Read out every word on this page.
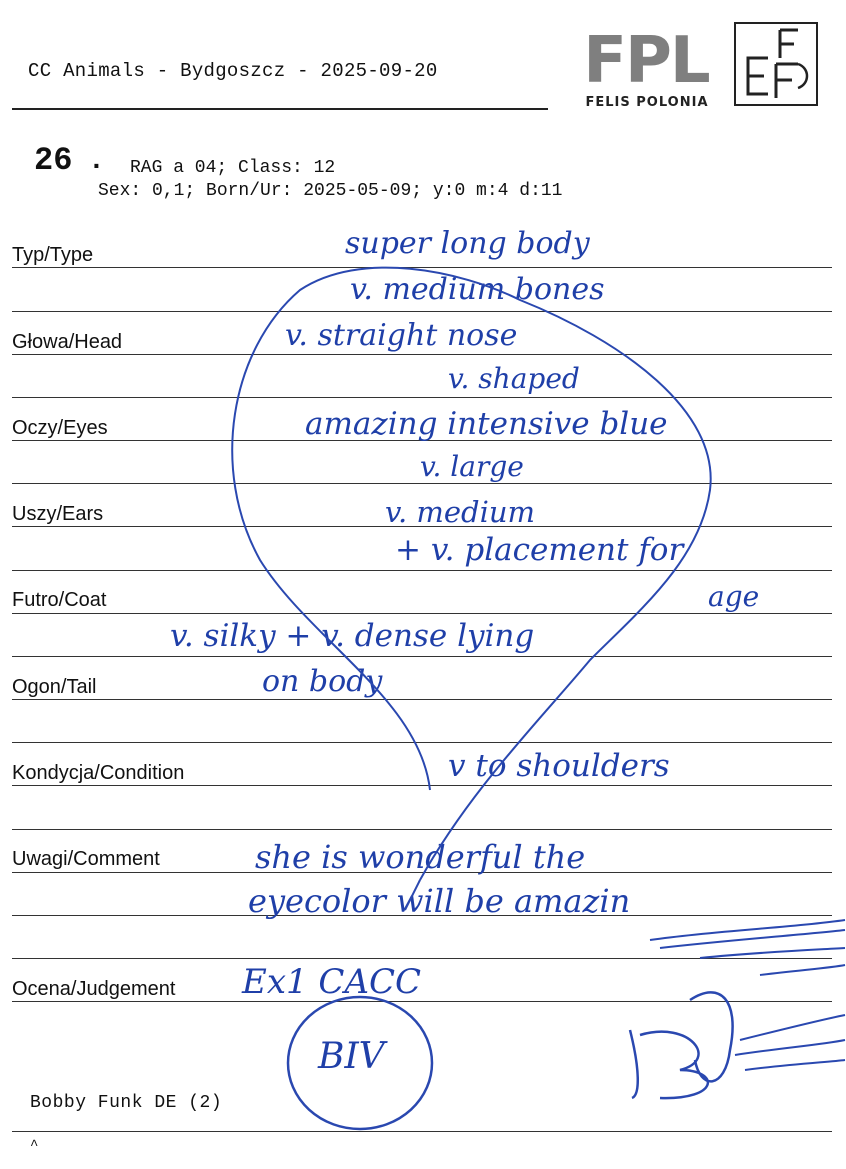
CC Animals - Bydgoszcz - 2025-09-20 FPL
FELIS POLONIA
26 . RAG a 04; Class: 12
Sex: 0,1; Born/Ur: 2025-05-09; y:0 m:4 d:11
Typ/Type
Głowa/Head
Oczy/Eyes
Uszy/Ears
Futro/Coat
Ogon/Tail
Kondycja/Condition
Uwagi/Comment
Ocena/Judgement
super long body
v. medium bones
v. straight nose
v. shaped
amazing intensive blue
v. large
v. medium
+ v. placement for
age
v. silky + v. dense lying
on body
v to shoulders
she is wonderful the
eyecolor will be amazin
Ex1 CACC
BIV
Bobby Funk DE (2)
^
